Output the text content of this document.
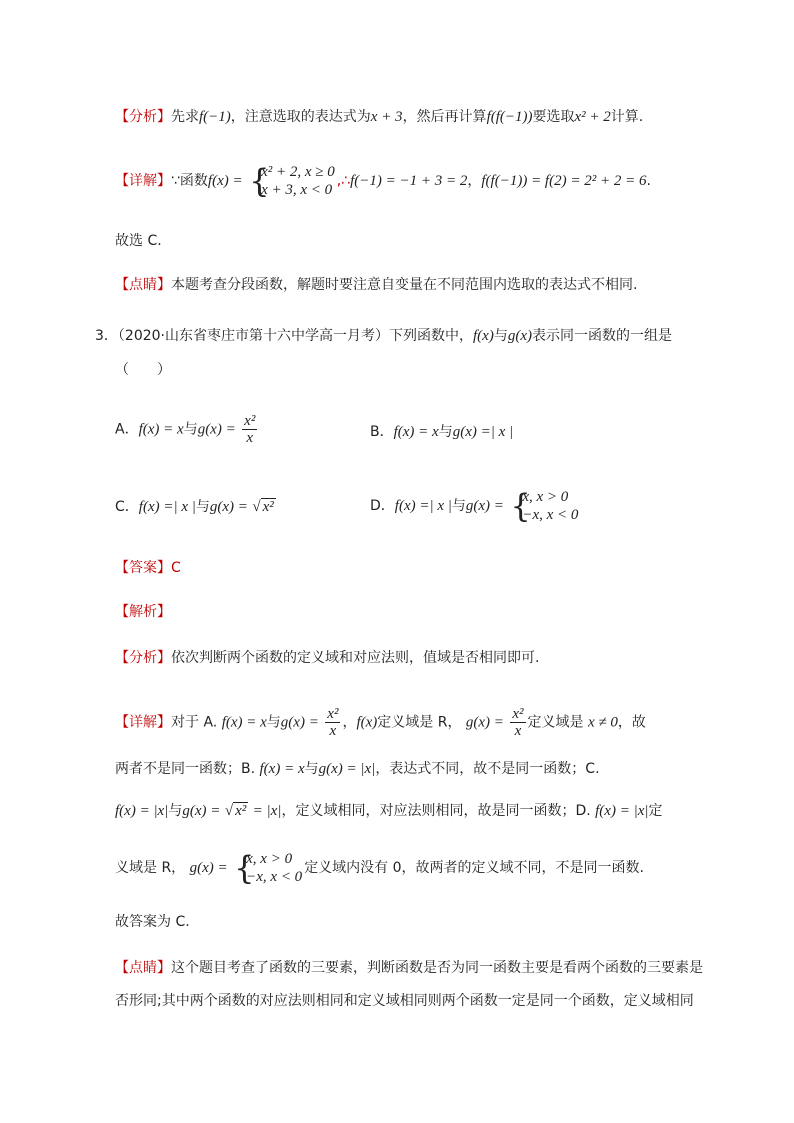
【分析】先求f(−1)，注意选取的表达式为x + 3，然后再计算f(f(−1))要选取x² + 2计算.
【详解】∵函数f(x) = {
x² + 2, x ≥ 0
x + 3, x < 0
,∴f(−1) = −1 + 3 = 2，f(f(−1)) = f(2) = 2² + 2 = 6.
故选 C.
【点睛】本题考查分段函数，解题时要注意自变量在不同范围内选取的表达式不相同.
3．（2020·山东省枣庄市第十六中学高一月考）下列函数中，f(x)与g(x)表示同一函数的一组是
（　　）
A．f(x) = x与$g(x) = \frac{\text{x²}}{x}$	B．f(x) = x与g(x) =| x |
C．f(x) =| x |与g(x) = √ x²	D．f(x) =| x |与g(x) = {
x, x > 0
−x, x < 0
【答案】C
【解析】
【分析】依次判断两个函数的定义域和对应法则，值域是否相同即可.
【详解】对于 A. f(x) = x与$g(x) = \frac{\text{x²}}{x}$ ，f(x)定义域是 R， $g(x) = \frac{\text{x²}}{x}$ 定义域是 x ≠ 0，故
两者不是同一函数；B. f(x) = x与g(x) = |x|，表达式不同，故不是同一函数；C.
f(x) = |x|与g(x) = √ x² = |x|，定义域相同，对应法则相同，故是同一函数；D. f(x) = |x|定
义域是 R， g(x) = {
x, x > 0
−x, x < 0
定义域内没有 0，故两者的定义域不同，不是同一函数.
故答案为 C.
【点睛】这个题目考查了函数的三要素，判断函数是否为同一函数主要是看两个函数的三要素是
否形同;其中两个函数的对应法则相同和定义域相同则两个函数一定是同一个函数，定义域相同
